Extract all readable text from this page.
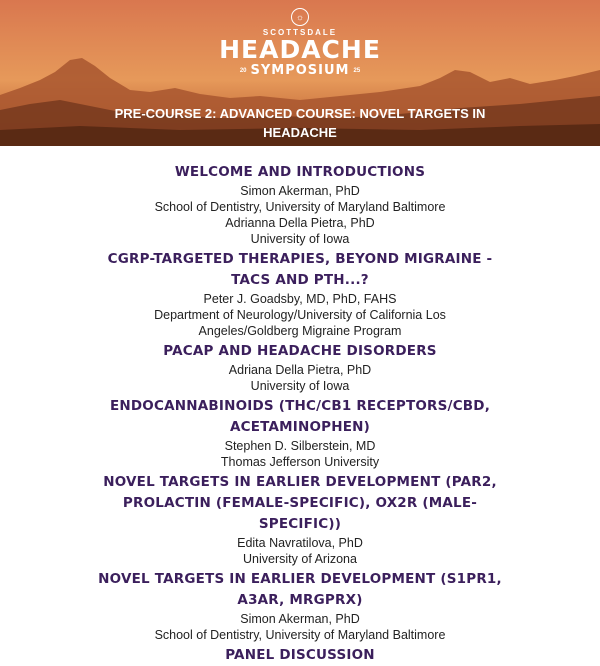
☼
SCOTTSDALE
HEADACHE
20 SYMPOSIUM 25
PRE-COURSE 2: ADVANCED COURSE: NOVEL TARGETS IN HEADACHE
WELCOME AND INTRODUCTIONS
Simon Akerman, PhD
School of Dentistry, University of Maryland Baltimore
Adrianna Della Pietra, PhD
University of Iowa
CGRP-TARGETED THERAPIES, BEYOND MIGRAINE - TACS AND PTH...?
Peter J. Goadsby, MD, PhD, FAHS
Department of Neurology/University of California Los
Angeles/Goldberg Migraine Program
PACAP AND HEADACHE DISORDERS
Adriana Della Pietra, PhD
University of Iowa
ENDOCANNABINOIDS (THC/CB1 RECEPTORS/CBD, ACETAMINOPHEN)
Stephen D. Silberstein, MD
Thomas Jefferson University
NOVEL TARGETS IN EARLIER DEVELOPMENT (PAR2, PROLACTIN (FEMALE-SPECIFIC), OX2R (MALE-SPECIFIC))
Edita Navratilova, PhD
University of Arizona
NOVEL TARGETS IN EARLIER DEVELOPMENT (S1PR1, A3AR, MRGPRX)
Simon Akerman, PhD
School of Dentistry, University of Maryland Baltimore
PANEL DISCUSSION
